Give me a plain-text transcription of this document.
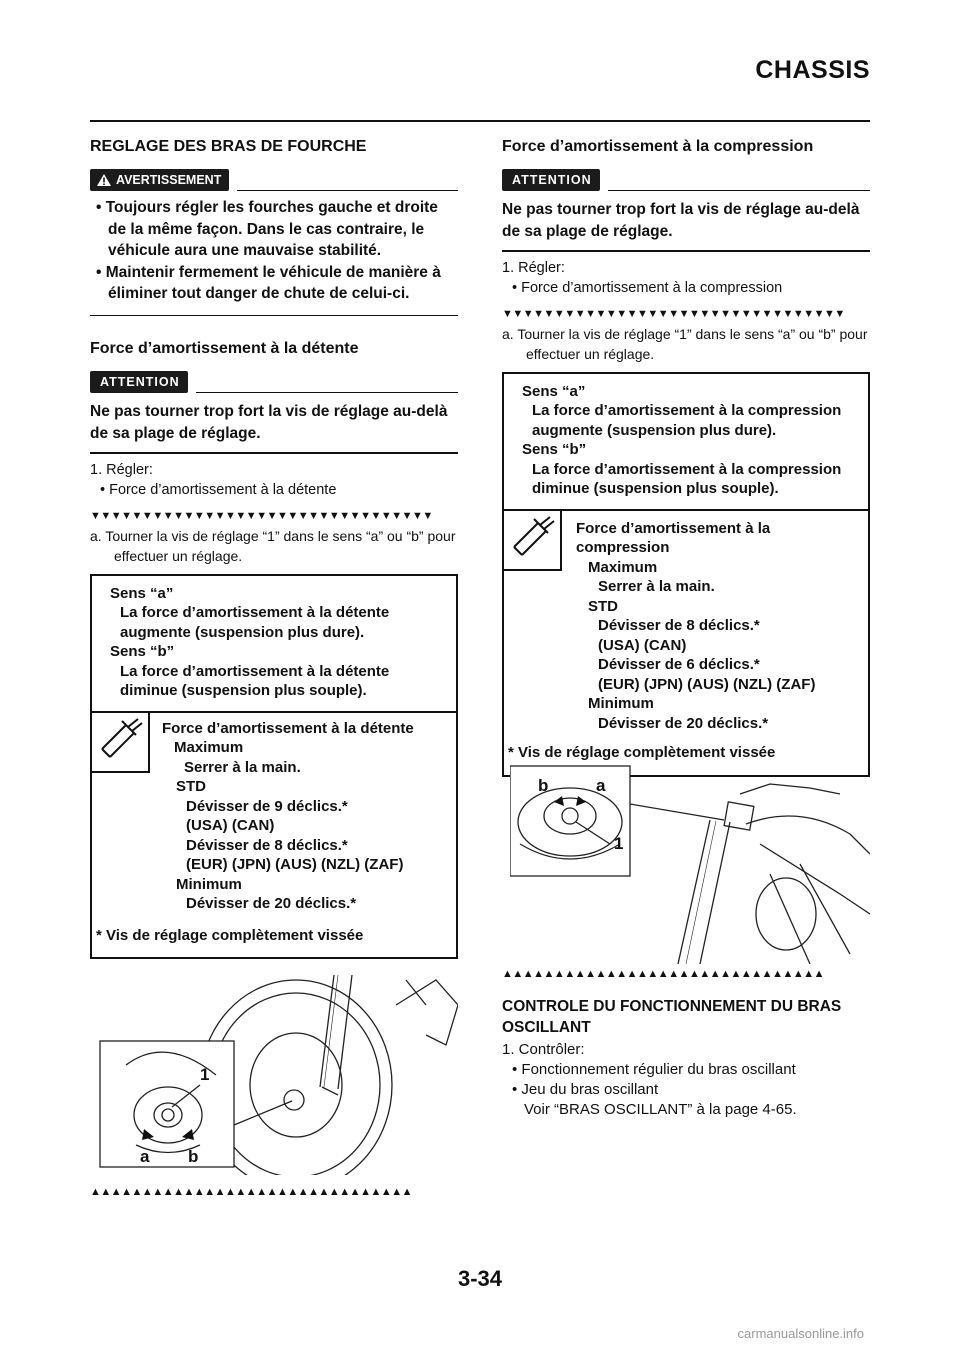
CHASSIS
REGLAGE DES BRAS DE FOURCHE
AVERTISSEMENT
• Toujours régler les fourches gauche et droite de la même façon. Dans le cas contraire, le véhicule aura une mauvaise stabilité.
• Maintenir fermement le véhicule de manière à éliminer tout danger de chute de celui-ci.
Force d’amortissement à la détente
ATTENTION
Ne pas tourner trop fort la vis de réglage au-delà de sa plage de réglage.
1. Régler:
• Force d’amortissement à la détente
▼▼▼▼▼▼▼▼▼▼▼▼▼▼▼▼▼▼▼▼▼▼▼▼▼▼▼▼▼▼▼▼▼
a. Tourner la vis de réglage “1” dans le sens “a” ou “b” pour effectuer un réglage.
Sens “a”
La force d’amortissement à la détente augmente (suspension plus dure).
Sens “b”
La force d’amortissement à la détente diminue (suspension plus souple).
Force d’amortissement à la détente
Maximum
Serrer à la main.
STD
Dévisser de 9 déclics.*
(USA) (CAN)
Dévisser de 8 déclics.*
(EUR) (JPN) (AUS) (NZL) (ZAF)
Minimum
Dévisser de 20 déclics.*
* Vis de réglage complètement vissée
1
a b
▲▲▲▲▲▲▲▲▲▲▲▲▲▲▲▲▲▲▲▲▲▲▲▲▲▲▲▲▲▲▲
Force d’amortissement à la compression
ATTENTION
Ne pas tourner trop fort la vis de réglage au-delà de sa plage de réglage.
1. Régler:
• Force d’amortissement à la compression
▼▼▼▼▼▼▼▼▼▼▼▼▼▼▼▼▼▼▼▼▼▼▼▼▼▼▼▼▼▼▼▼▼
a. Tourner la vis de réglage “1” dans le sens “a” ou “b” pour effectuer un réglage.
Sens “a”
La force d’amortissement à la compression augmente (suspension plus dure).
Sens “b”
La force d’amortissement à la compression diminue (suspension plus souple).
Force d’amortissement à la compression
Maximum
Serrer à la main.
STD
Dévisser de 8 déclics.*
(USA) (CAN)
Dévisser de 6 déclics.*
(EUR) (JPN) (AUS) (NZL) (ZAF)
Minimum
Dévisser de 20 déclics.*
* Vis de réglage complètement vissée
b	a
1
▲▲▲▲▲▲▲▲▲▲▲▲▲▲▲▲▲▲▲▲▲▲▲▲▲▲▲▲▲▲▲
CONTROLE DU FONCTIONNEMENT DU BRAS OSCILLANT
1. Contrôler:
• Fonctionnement régulier du bras oscillant
• Jeu du bras oscillant
Voir “BRAS OSCILLANT” à la page 4-65.
3-34
carmanualsonline.info
